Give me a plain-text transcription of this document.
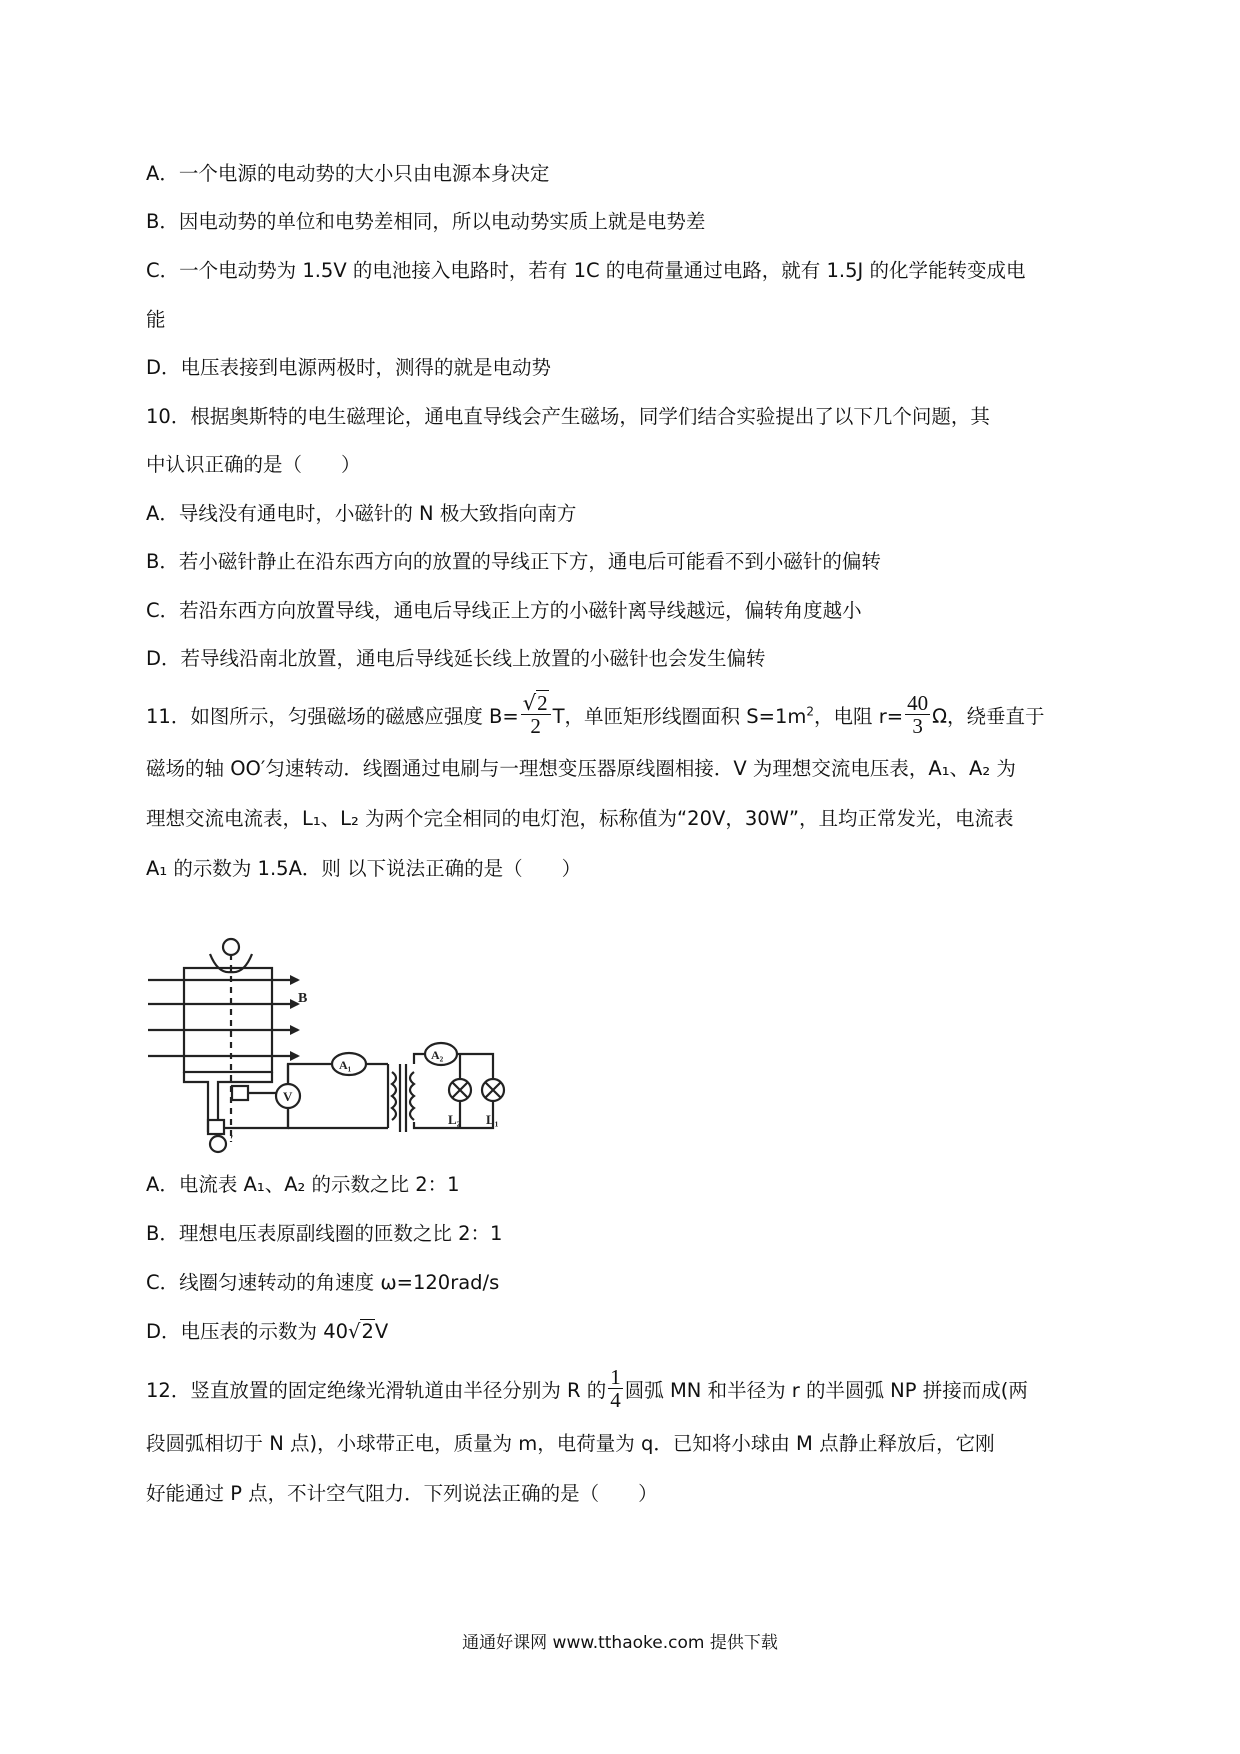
A．一个电源的电动势的大小只由电源本身决定
B．因电动势的单位和电势差相同，所以电动势实质上就是电势差
C．一个电动势为 1.5V 的电池接入电路时，若有 1C 的电荷量通过电路，就有 1.5J 的化学能转变成电
能
D．电压表接到电源两极时，测得的就是电动势
10．根据奥斯特的电生磁理论，通电直导线会产生磁场，同学们结合实验提出了以下几个问题，其
中认识正确的是（　　）
A．导线没有通电时，小磁针的 N 极大致指向南方
B．若小磁针静止在沿东西方向的放置的导线正下方，通电后可能看不到小磁针的偏转
C．若沿东西方向放置导线，通电后导线正上方的小磁针离导线越远，偏转角度越小
D．若导线沿南北放置，通电后导线延长线上放置的小磁针也会发生偏转
11．如图所示，匀强磁场的磁感应强度 $B= \frac{√2}{2}$ T，单匝矩形线圈面积 $S=1m^2$，电阻 $r= \frac{40}{3}$ Ω，绕垂直于
磁场的轴 OO′匀速转动．线圈通过电刷与一理想变压器原线圈相接．V 为理想交流电压表，A₁、A₂ 为
理想交流电流表，L₁、L₂ 为两个完全相同的电灯泡，标称值为“20V，30W”，且均正常发光，电流表
A₁ 的示数为 1.5A．则 以下说法正确的是（　　）
B
A₁
A₂
V
L₂ L₁
′
A．电流表 A₁、A₂ 的示数之比 2：1
B．理想电压表原副线圈的匝数之比 2：1
C．线圈匀速转动的角速度 ω=120rad/s
D．电压表的示数为 40√2V
12．竖直放置的固定绝缘光滑轨道由半径分别为 R 的 $\frac{1}{4}$ 圆弧 MN 和半径为 r 的半圆弧 NP 拼接而成(两
段圆弧相切于 N 点)，小球带正电，质量为 m，电荷量为 q．已知将小球由 M 点静止释放后，它刚
好能通过 P 点，不计空气阻力．下列说法正确的是（　　）
通通好课网 www.tthaoke.com 提供下载
